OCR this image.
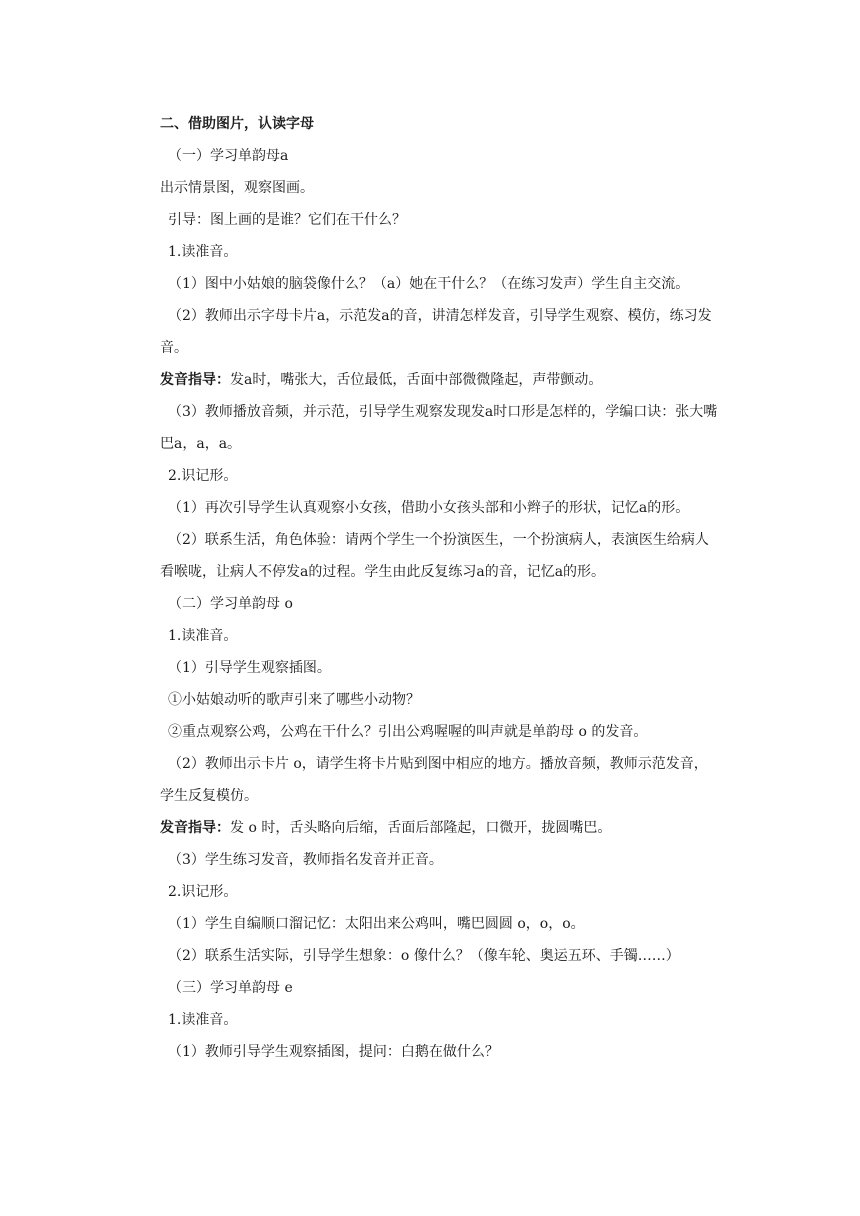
二、借助图片，认读字母

（一）学习单韵母a

出示情景图，观察图画。

引导：图上画的是谁？它们在干什么？

1.读准音。

（1）图中小姑娘的脑袋像什么？（a）她在干什么？（在练习发声）学生自主交流。

（2）教师出示字母卡片a，示范发a的音，讲清怎样发音，引导学生观察、模仿，练习发音。

发音指导：发a时，嘴张大，舌位最低，舌面中部微微隆起，声带颤动。

（3）教师播放音频，并示范，引导学生观察发现发a时口形是怎样的，学编口诀：张大嘴巴a，a，a。

2.识记形。

（1）再次引导学生认真观察小女孩，借助小女孩头部和小辫子的形状，记忆a的形。

（2）联系生活，角色体验：请两个学生一个扮演医生，一个扮演病人，表演医生给病人看喉咙，让病人不停发a的过程。学生由此反复练习a的音，记忆a的形。

（二）学习单韵母 o

1.读准音。

（1）引导学生观察插图。

①小姑娘动听的歌声引来了哪些小动物？

②重点观察公鸡，公鸡在干什么？引出公鸡喔喔的叫声就是单韵母 o 的发音。

（2）教师出示卡片 o，请学生将卡片贴到图中相应的地方。播放音频，教师示范发音，学生反复模仿。

发音指导：发 o 时，舌头略向后缩，舌面后部隆起，口微开，拢圆嘴巴。

（3）学生练习发音，教师指名发音并正音。

2.识记形。

（1）学生自编顺口溜记忆：太阳出来公鸡叫，嘴巴圆圆 o，o，o。

（2）联系生活实际，引导学生想象：o 像什么？（像车轮、奥运五环、手镯……）

（三）学习单韵母 e

1.读准音。

（1）教师引导学生观察插图，提问：白鹅在做什么？
